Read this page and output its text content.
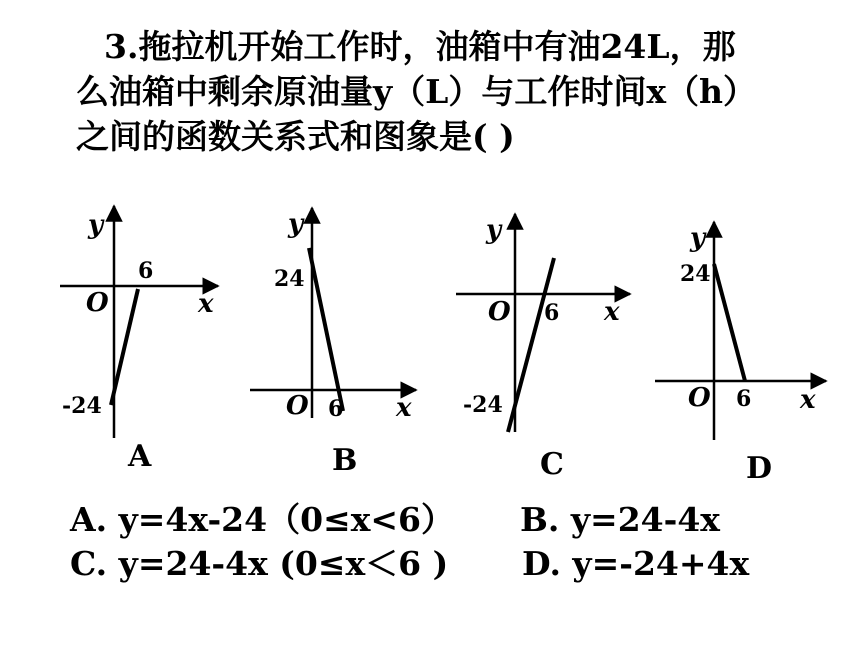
3.拖拉机开始工作时，油箱中有油24L，那
么油箱中剩余原油量y（L）与工作时间x（h）
之间的函数关系式和图象是( )
y
x
O
6
-24
A
y
x
O
24
6
B
y
x
O 6
-24
C
y
x
O
24
6
D
A. y=4x-24（0≤x<6） B. y=24-4x
C. y=24-4x (0≤x＜6 ) D. y=-24+4x
